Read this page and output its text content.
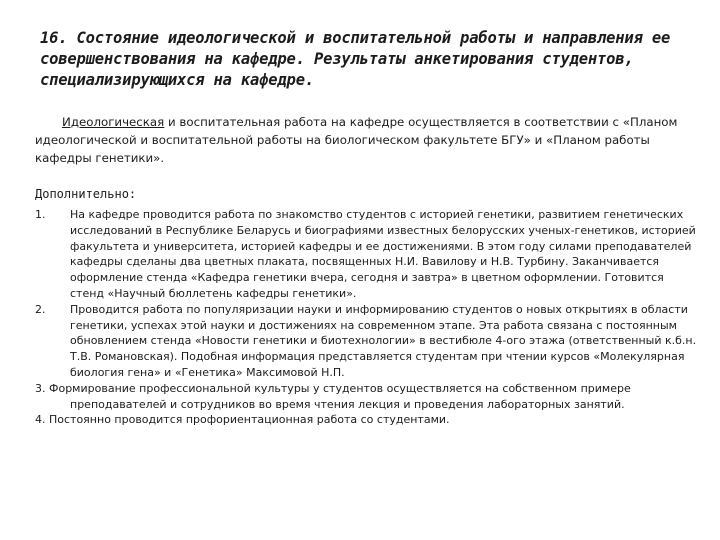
16. Состояние идеологической и воспитательной работы и направления ее совершенствования на кафедре. Результаты анкетирования студентов, специализирующихся на кафедре.

Идеологическая и воспитательная работа на кафедре осуществляется в соответствии с «Планом идеологической и воспитательной работы на биологическом факультете БГУ» и «Планом работы кафедры генетики».

Дополнительно:

1.	На кафедре проводится работа по знакомство студентов с историей генетики, развитием генетических исследований в Республике Беларусь и биографиями известных белорусских ученых-генетиков, историей факультета и университета, историей кафедры и ее достижениями. В этом году силами преподавателей кафедры сделаны два цветных плаката, посвященных Н.И. Вавилову и Н.В. Турбину. Заканчивается оформление стенда «Кафедра генетики вчера, сегодня и завтра» в цветном оформлении. Готовится стенд «Научный бюллетень кафедры генетики».
2.	Проводится работа по популяризации науки и информированию студентов о новых открытиях в области генетики, успехах этой науки и достижениях на современном этапе. Эта работа связана с постоянным обновлением стенда «Новости генетики и биотехнологии» в вестибюле 4-ого этажа (ответственный к.б.н. Т.В. Романовская). Подобная информация представляется студентам при чтении курсов «Молекулярная биология гена» и «Генетика» Максимовой Н.П.
3. Формирование профессиональной культуры у студентов осуществляется на собственном примере преподавателей и сотрудников во время чтения лекция и проведения лабораторных занятий.
4. Постоянно проводится профориентационная работа со студентами.
